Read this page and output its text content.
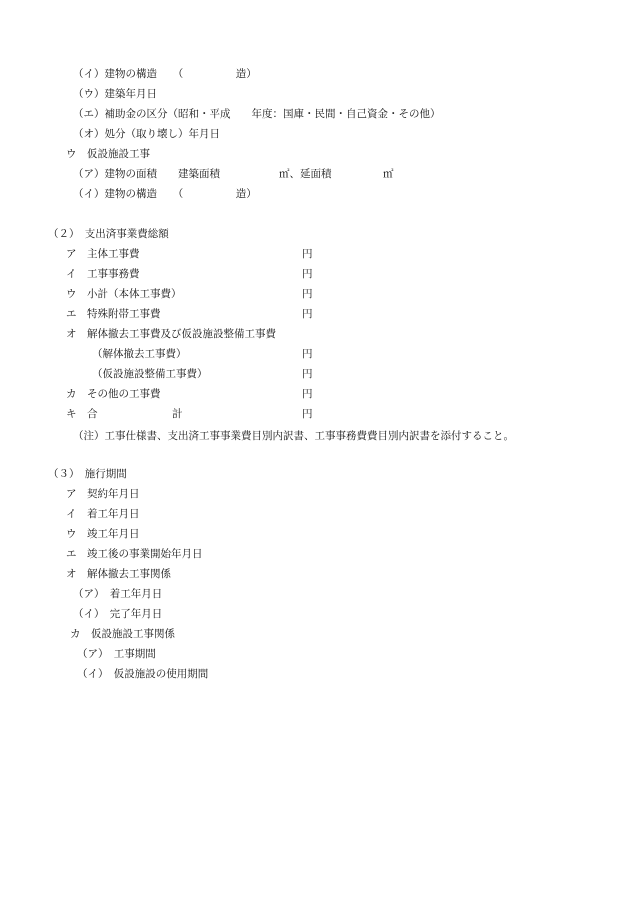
（イ）建物の構造　　（　　　　　造）
（ウ）建築年月日
（エ）補助金の区分（昭和・平成　　年度：国庫・民間・自己資金・その他）
（オ）処分（取り壊し）年月日
ウ　仮設施設工事
（ア）建物の面積　　建築面積	㎡、延面積	㎡
（イ）建物の構造　　（　　　　　造）
（２）　支出済事業費総額
ア　主体工事費	円
イ　工事事務費	円
ウ　小計（本体工事費）	円
エ　特殊附帯工事費	円
オ　解体撤去工事費及び仮設施設整備工事費
（解体撤去工事費）	円
（仮設施設整備工事費）	円
カ　その他の工事費	円
キ　合	計	円
（注）工事仕様書、支出済工事事業費目別内訳書、工事事務費費目別内訳書を添付すること。
（３）　施行期間
ア　契約年月日
イ　着工年月日
ウ　竣工年月日
エ　竣工後の事業開始年月日
オ　解体撤去工事関係
（ア）　着工年月日
（イ）　完了年月日
カ　仮設施設工事関係
（ア）　工事期間
（イ）　仮設施設の使用期間
